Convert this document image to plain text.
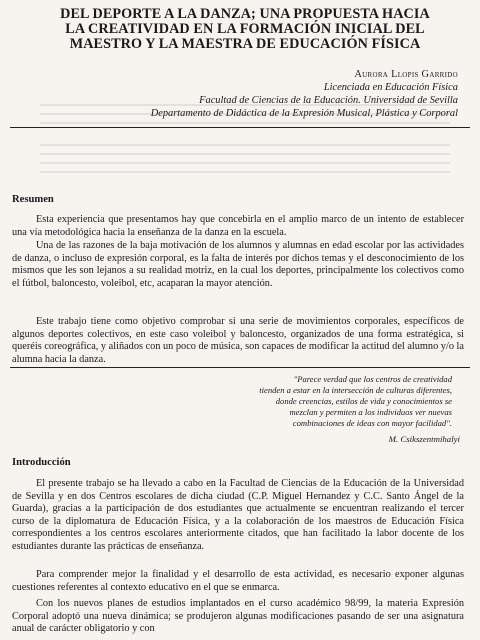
DEL DEPORTE A LA DANZA; UNA PROPUESTA HACIA
LA CREATIVIDAD EN LA FORMACIÓN INICIAL DEL
MAESTRO Y LA MAESTRA DE EDUCACIÓN FÍSICA
Aurora Llopis Garrido
Licenciada en Educación Física
Facultad de Ciencias de la Educación. Universidad de Sevilla
Departamento de Didáctica de la Expresión Musical, Plástica y Corporal
Resumen

Esta experiencia que presentamos hay que concebirla en el amplio marco de un intento de establecer una vía metodológica hacia la enseñanza de la danza en la escuela.

Una de las razones de la baja motivación de los alumnos y alumnas en edad escolar por las actividades de danza, o incluso de expresión corporal, es la falta de interés por dichos temas y el desconocimiento de los mismos que les son lejanos a su realidad motriz, en la cual los deportes, principalmente los colectivos como el fútbol, baloncesto, voleibol, etc, acaparan la mayor atención.

Este trabajo tiene como objetivo comprobar si una serie de movimientos corporales, específicos de algunos deportes colectivos, en este caso voleibol y baloncesto, organizados de una forma estratégica, si queréis coreográfica, y aliñados con un poco de música, son capaces de modificar la actitud del alumno y/o la alumna hacia la danza.

"Parece verdad que los centros de creatividad
tienden a estar en la intersección de culturas diferentes,
donde creencias, estilos de vida y conocimientos se
mezclan y permiten a los individuos ver nuevas
combinaciones de ideas con mayor facilidad".
M. Csikszentmihalyi
Introducción

El presente trabajo se ha llevado a cabo en la Facultad de Ciencias de la Educación de la Universidad de Sevilla y en dos Centros escolares de dicha ciudad (C.P. Miguel Hernandez y C.C. Santo Ángel de la Guarda), gracias a la participación de dos estudiantes que actualmente se encuentran realizando el tercer curso de la diplomatura de Educación Física, y a la colaboración de los maestros de Educación Física correspondientes a los centros escolares anteriormente citados, que han facilitado la labor docente de los estudiantes durante las prácticas de enseñanza.

Para comprender mejor la finalidad y el desarrollo de esta actividad, es necesario exponer algunas cuestiones referentes al contexto educativo en el que se enmarca.

Con los nuevos planes de estudios implantados en el curso académico 98/99, la materia Expresión Corporal adoptó una nueva dinámica; se produjeron algunas modificaciones pasando de ser una asignatura anual de carácter obligatorio y con
